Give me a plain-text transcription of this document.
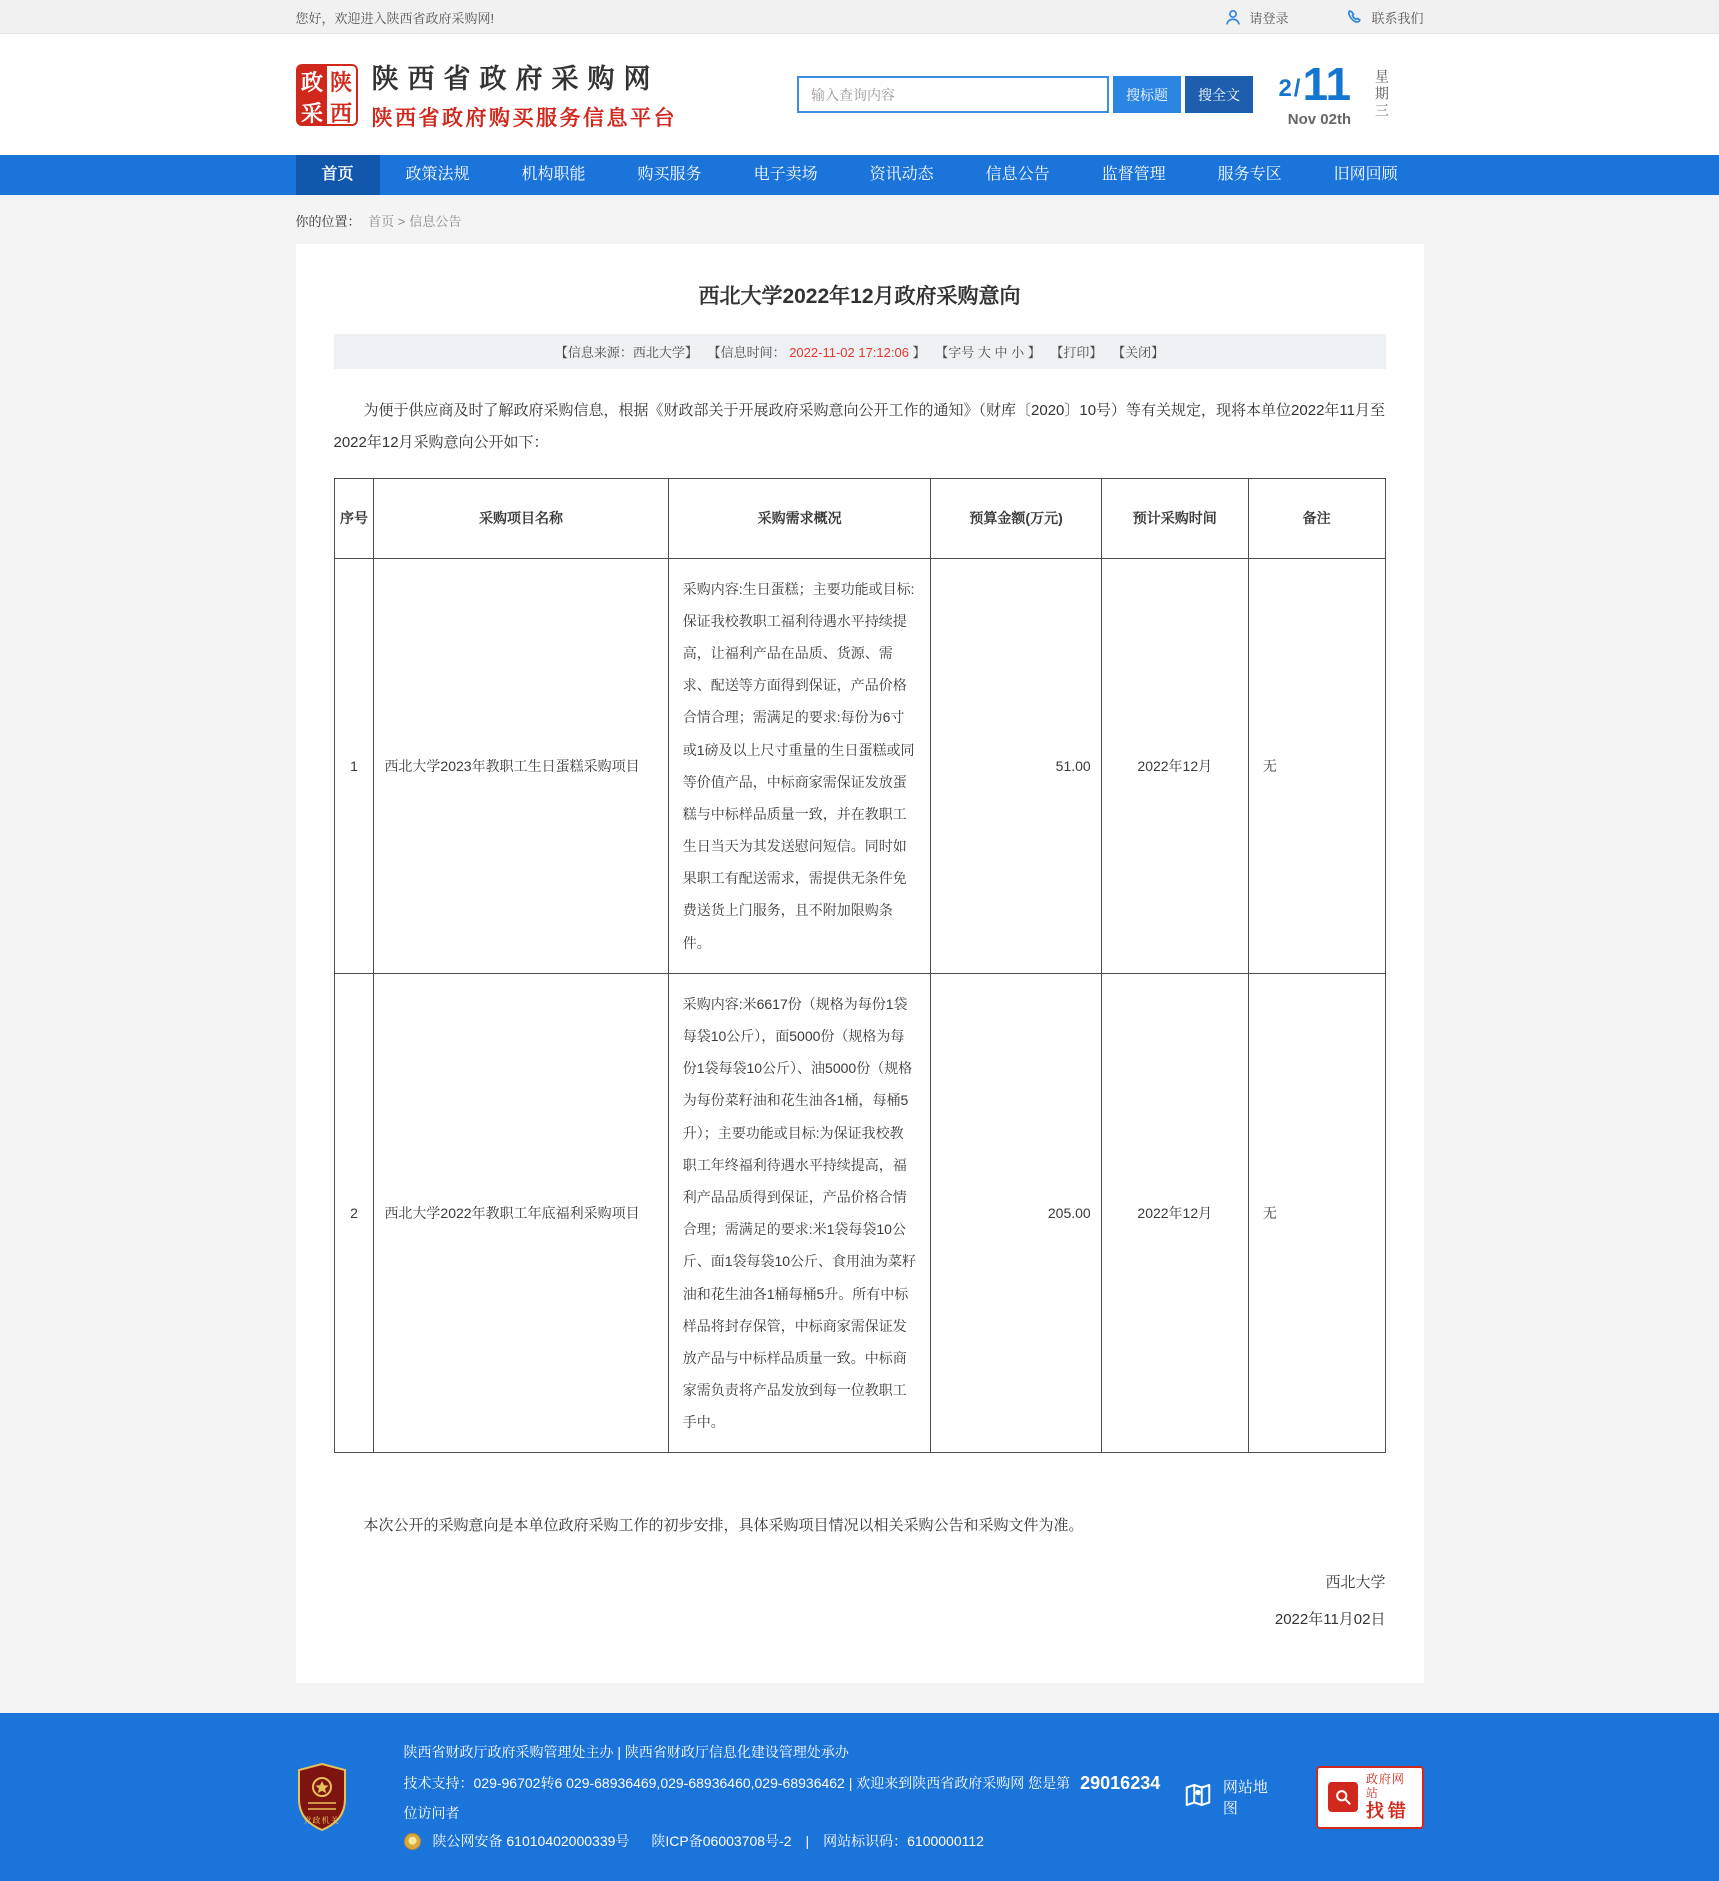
您好，欢迎进入陕西省政府采购网!	请登录	联系我们
政 陕
采 西
陕西省政府采购网
陕西省政府购买服务信息平台
输入查询内容
搜标题	搜全文	2 / 11
Nov 02th 星期三
首页	政策法规	机构职能	购买服务	电子卖场	资讯动态	信息公告	监督管理	服务专区	旧网回顾
你的位置： 首页 > 信息公告
西北大学2022年12月政府采购意向
【信息来源：西北大学】 【信息时间： 2022-11-02 17:12:06 】 【字号 大 中 小 】 【打印】 【关闭】

为便于供应商及时了解政府采购信息，根据《财政部关于开展政府采购意向公开工作的通知》（财库〔2020〕10号）等有关规定，现将本单位2022年11月至2022年12月采购意向公开如下：

序号	采购项目名称	采购需求概况	预算金额(万元)	预计采购时间	备注
1	西北大学2023年教职工生日蛋糕采购项目	采购内容:生日蛋糕；主要功能或目标:保证我校教职工福利待遇水平持续提高，让福利产品在品质、货源、需求、配送等方面得到保证，产品价格合情合理；需满足的要求:每份为6寸或1磅及以上尺寸重量的生日蛋糕或同等价值产品，中标商家需保证发放蛋糕与中标样品质量一致，并在教职工生日当天为其发送慰问短信。同时如果职工有配送需求，需提供无条件免费送货上门服务，且不附加限购条件。	51.00	2022年12月	无
2	西北大学2022年教职工年底福利采购项目	采购内容:米6617份（规格为每份1袋每袋10公斤），面5000份（规格为每份1袋每袋10公斤）、油5000份（规格为每份菜籽油和花生油各1桶，每桶5升）；主要功能或目标:为保证我校教职工年终福利待遇水平持续提高，福利产品品质得到保证，产品价格合情合理；需满足的要求:米1袋每袋10公斤、面1袋每袋10公斤、食用油为菜籽油和花生油各1桶每桶5升。所有中标样品将封存保管，中标商家需保证发放产品与中标样品质量一致。中标商家需负责将产品发放到每一位教职工手中。	205.00	2022年12月	无

本次公开的采购意向是本单位政府采购工作的初步安排，具体采购项目情况以相关采购公告和采购文件为准。

西北大学
2022年11月02日
党政机关
陕西省财政厅政府采购管理处主办 | 陕西省财政厅信息化建设管理处承办
技术支持：029-96702转6 029-68936469,029-68936460,029-68936462 | 欢迎来到陕西省政府采购网 您是第 29016234
位访问者
陕公网安备 61010402000339号 陕ICP备06003708号-2 | 网站标识码：6100000112
网站地图
政府网站
找错
